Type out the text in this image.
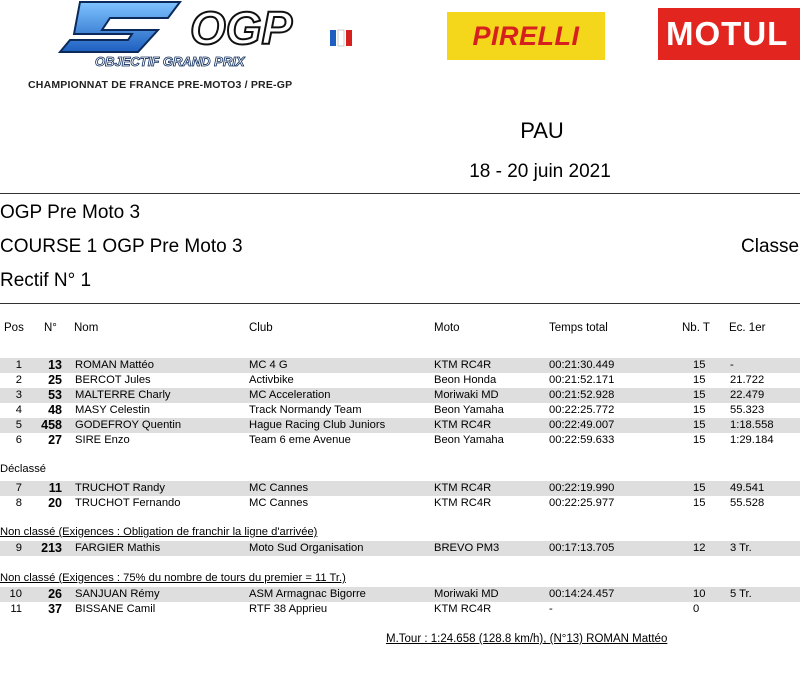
OGP
OBJECTIF GRAND PRIX
CHAMPIONNAT DE FRANCE PRE-MOTO3 / PRE-GP
PIRELLI	MOTUL
PAU
18 - 20 juin 2021
OGP Pre Moto 3
COURSE 1 OGP Pre Moto 3	Classe
Rectif N° 1
Pos N° Nom	Club	Moto	Temps total	Nb. T Ec. 1er
Déclassé
Non classé (Exigences : Obligation de franchir la ligne d'arrivée)
Non classé (Exigences : 75% du nombre de tours du premier = 11 Tr.)
1	13 ROMAN Mattéo	MC 4 G	KTM RC4R	00:21:30.449	15 -
2	25 BERCOT Jules	Activbike	Beon Honda	00:21:52.171	15 21.722
3	53 MALTERRE Charly	MC Acceleration	Moriwaki MD	00:21:52.928	15 22.479
4	48 MASY Celestin	Track Normandy Team	Beon Yamaha	00:22:25.772	15 55.323
5	458 GODEFROY Quentin	Hague Racing Club Juniors	KTM RC4R	00:22:49.007	15 1:18.558
6	27 SIRE Enzo	Team 6 eme Avenue	Beon Yamaha	00:22:59.633	15 1:29.184
7	11 TRUCHOT Randy	MC Cannes	KTM RC4R	00:22:19.990	15 49.541
8	20 TRUCHOT Fernando	MC Cannes	KTM RC4R	00:22:25.977	15 55.528
9	213 FARGIER Mathis	Moto Sud Organisation	BREVO PM3	00:17:13.705	12 3 Tr.
10	26 SANJUAN Rémy	ASM Armagnac Bigorre	Moriwaki MD	00:14:24.457	10 5 Tr.
11	37 BISSANE Camil	RTF 38 Apprieu	KTM RC4R	-	0
M.Tour : 1:24.658 (128.8 km/h), (N°13) ROMAN Mattéo
